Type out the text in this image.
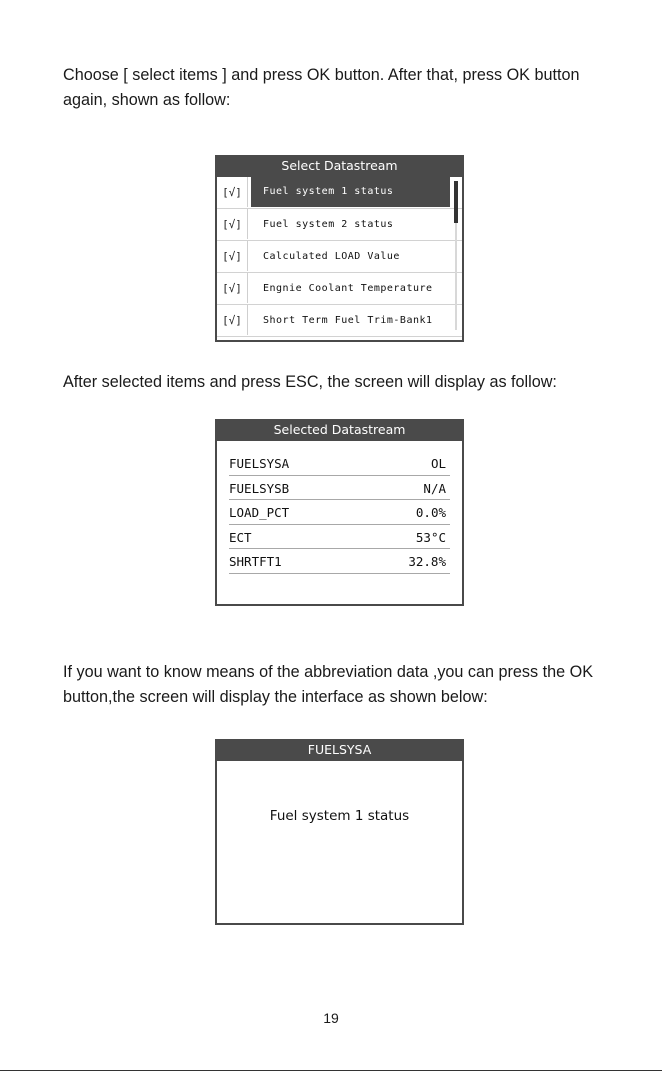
Choose [ select items ] and press OK button. After that, press OK button again, shown as follow:

Select Datastream
[√]	Fuel system 1 status
[√]	Fuel system 2 status
[√]	Calculated LOAD Value
[√]	Engnie Coolant Temperature
[√]	Short Term Fuel Trim-Bank1

After selected items and press ESC, the screen will display as follow:

Selected Datastream
FUELSYSA	OL
FUELSYSB	N/A
LOAD_PCT	0.0%
ECT	53°C
SHRTFT1	32.8%

If you want to know means of the abbreviation data ,you can press the OK button,the screen will display the interface as shown below:

FUELSYSA
Fuel system 1 status
19
